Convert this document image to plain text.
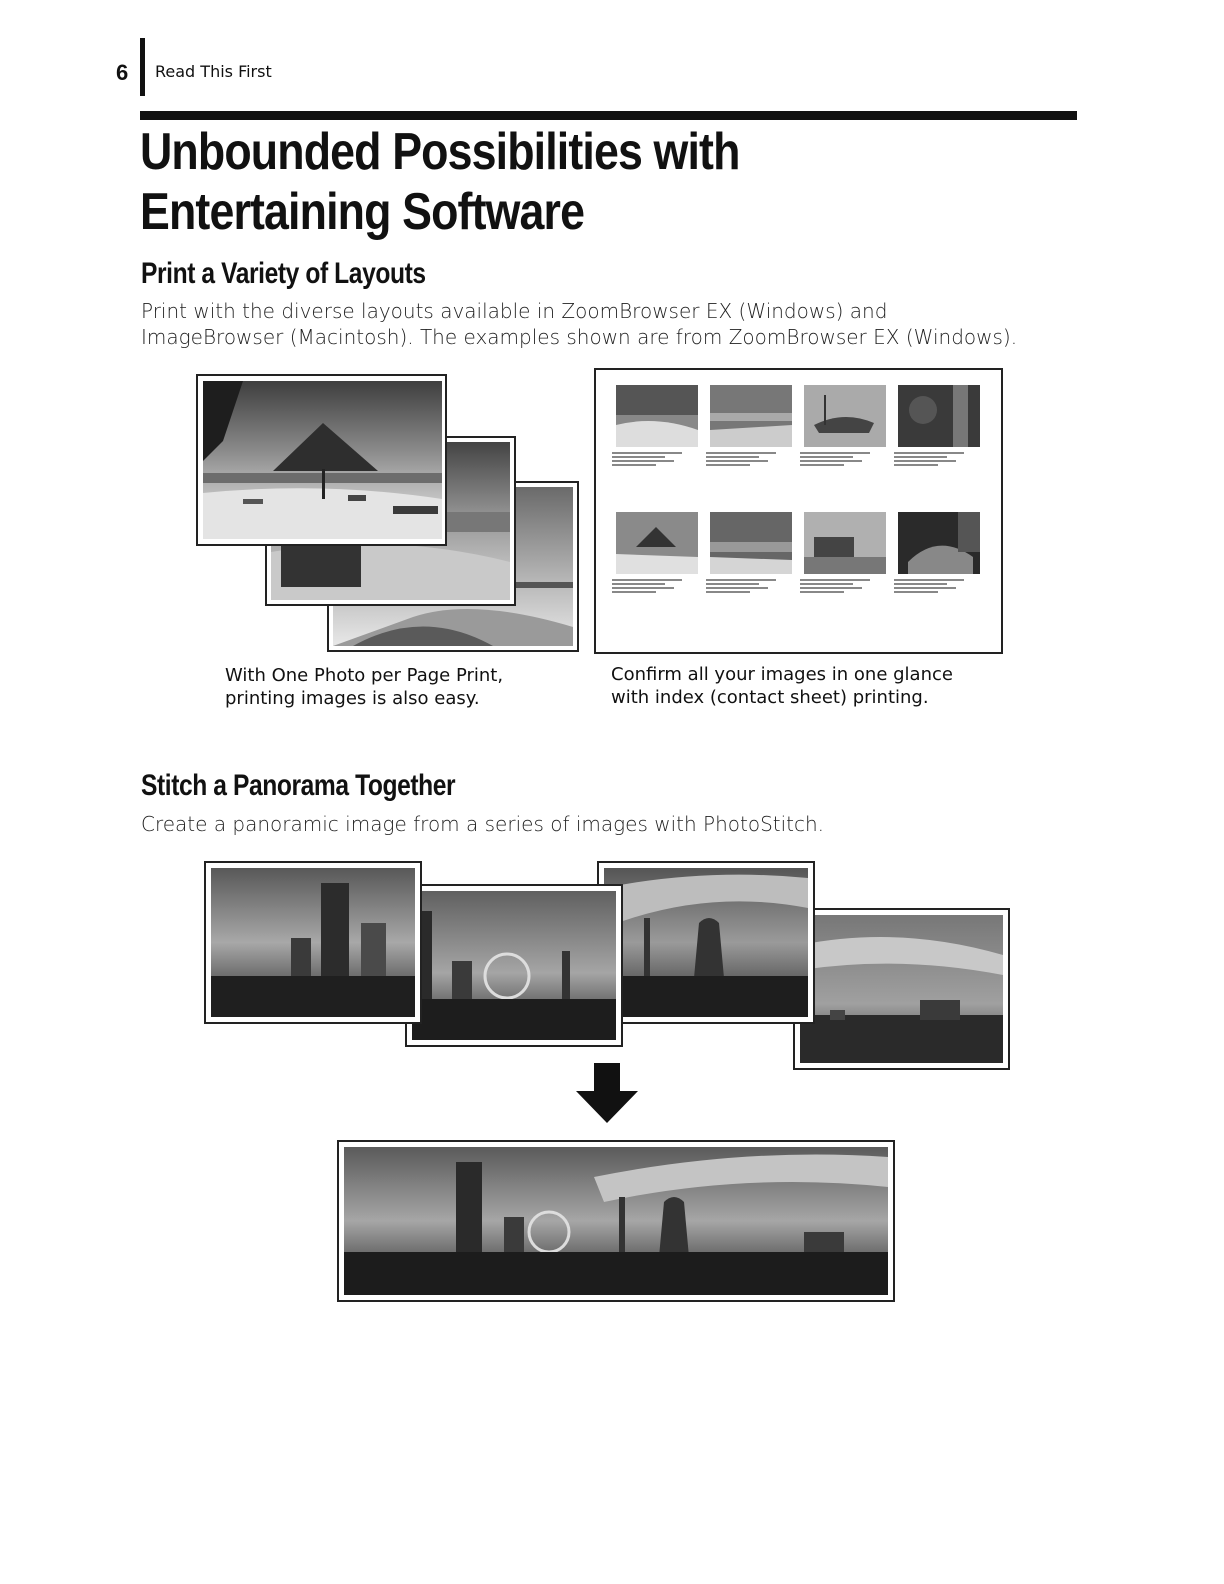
6 Read This First
Unbounded Possibilities with Entertaining Software
Print a Variety of Layouts

Print with the diverse layouts available in ZoomBrowser EX (Windows) and ImageBrowser (Macintosh). The examples shown are from ZoomBrowser EX (Windows).

With One Photo per Page Print, printing images is also easy.

Confirm all your images in one glance with index (contact sheet) printing.

Stitch a Panorama Together

Create a panoramic image from a series of images with PhotoStitch.
